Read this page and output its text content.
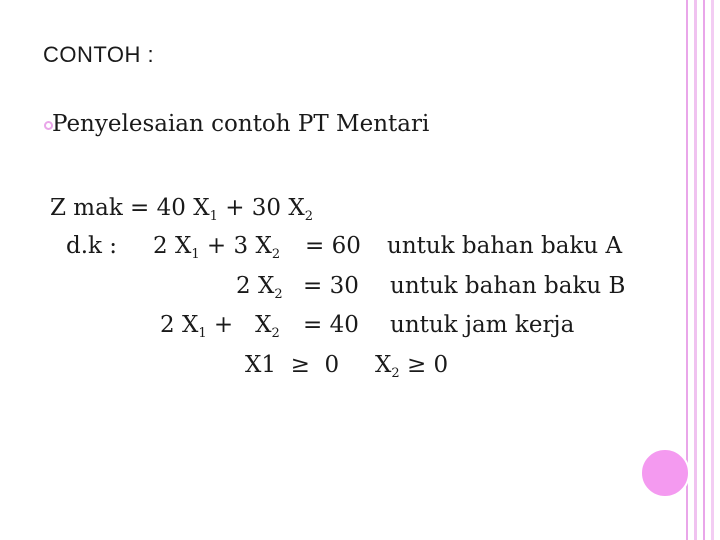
CONTOH :
Penyelesaian contoh PT Mentari
Z mak = 40 $X_1 + 30$ $X_2$
d.k : 2 $X_1 + 3$ $X_2 = 60$ untuk bahan baku A
2 $X_2 = 30$ untuk bahan baku B
2 $X_1 + X_2 = 40$ untuk jam kerja
X1  ≥  0 $X_2 \ge 0$
